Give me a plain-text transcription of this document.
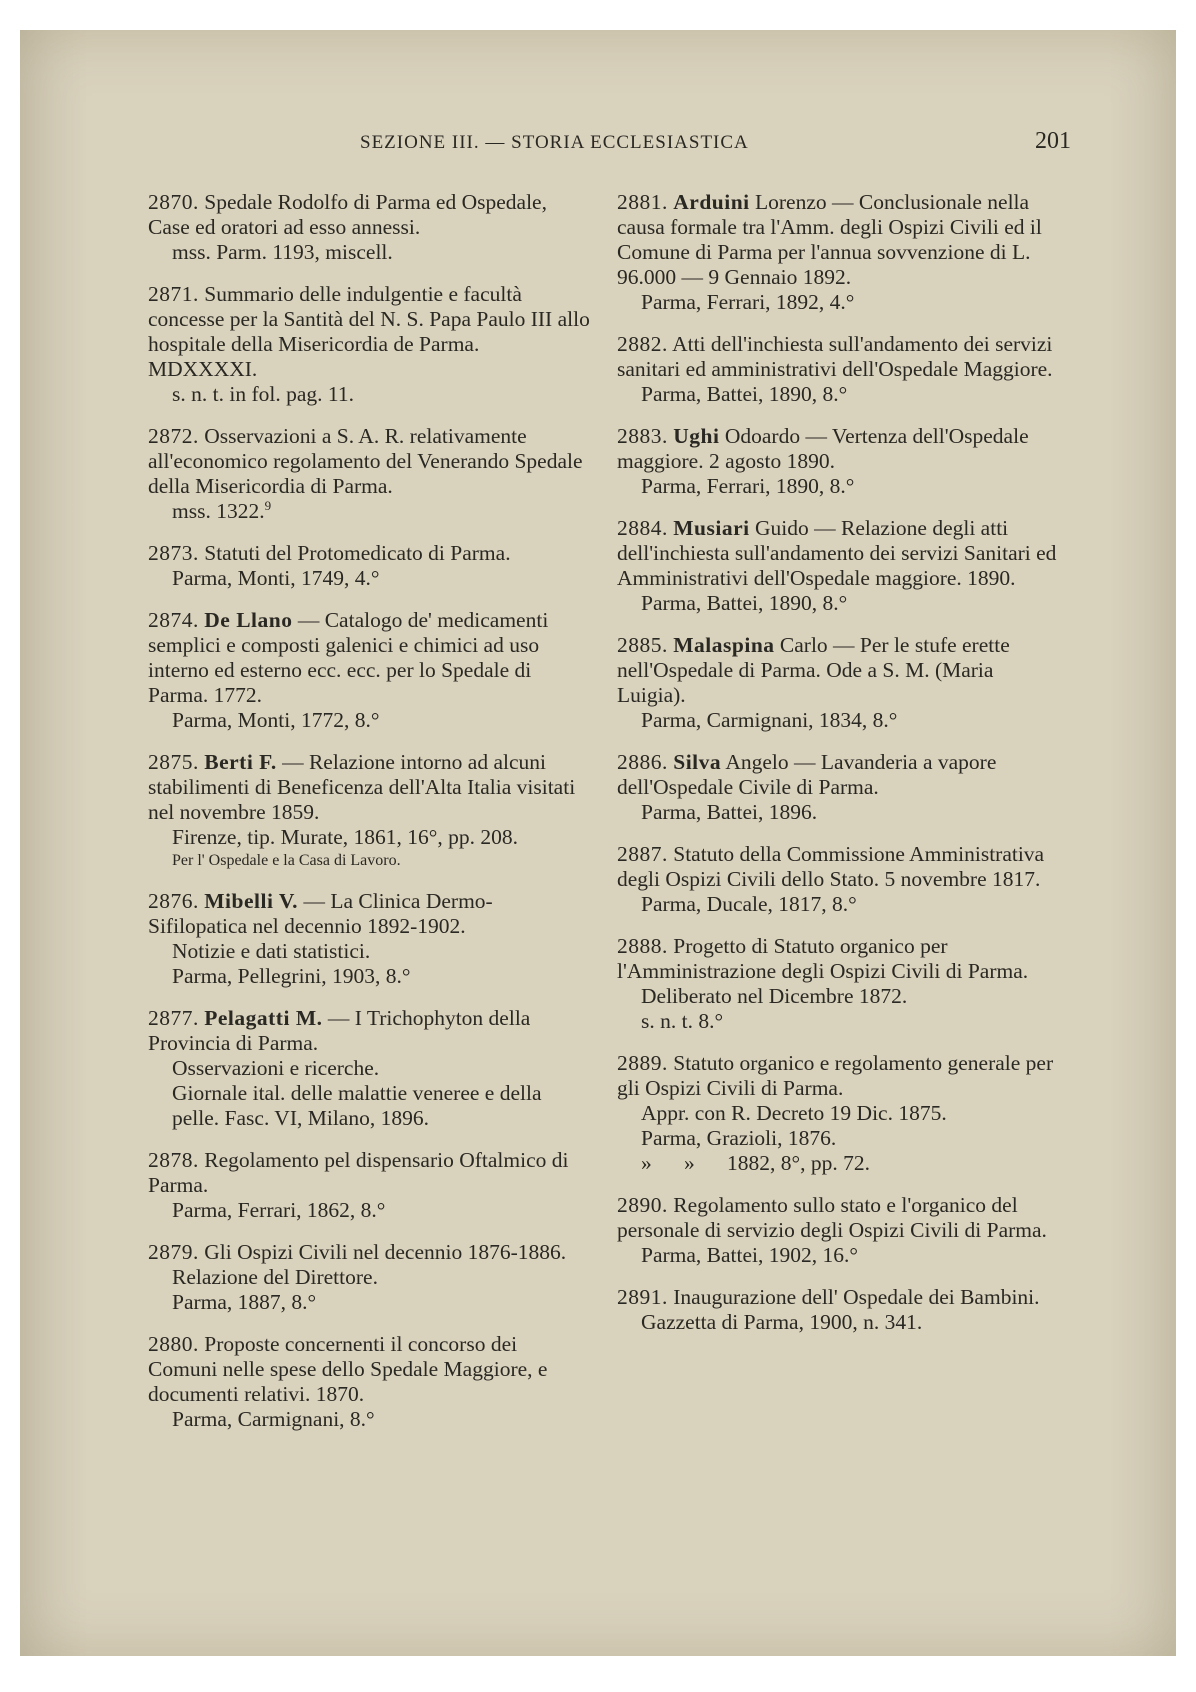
SEZIONE III. — STORIA ECCLESIASTICA	201

2870. Spedale Rodolfo di Parma ed Ospedale, Case ed oratori ad esso annessi.

mss. Parm. 1193, miscell.

2871. Summario delle indulgentie e facultà concesse per la Santità del N. S. Papa Paulo III allo hospitale della Misericordia de Parma. MDXXXXI.

s. n. t. in fol. pag. 11.

2872. Osservazioni a S. A. R. relativamente all'economico regolamento del Venerando Spedale della Misericordia di Parma.

mss. 1322.$^9$

2873. Statuti del Protomedicato di Parma.

Parma, Monti, 1749, 4.°

2874. De Llano — Catalogo de' medicamenti semplici e composti galenici e chimici ad uso interno ed esterno ecc. ecc. per lo Spedale di Parma. 1772.

Parma, Monti, 1772, 8.°

2875. Berti F. — Relazione intorno ad alcuni stabilimenti di Beneficenza dell'Alta Italia visitati nel novembre 1859.

Firenze, tip. Murate, 1861, 16°, pp. 208.

Per l' Ospedale e la Casa di Lavoro.

2876. Mibelli V. — La Clinica Dermo-Sifilopatica nel decennio 1892-1902.

Notizie e dati statistici.

Parma, Pellegrini, 1903, 8.°

2877. Pelagatti M. — I Trichophyton della Provincia di Parma.

Osservazioni e ricerche.

Giornale ital. delle malattie veneree e della pelle. Fasc. VI, Milano, 1896.

2878. Regolamento pel dispensario Oftalmico di Parma.

Parma, Ferrari, 1862, 8.°

2879. Gli Ospizi Civili nel decennio 1876-1886.

Relazione del Direttore.

Parma, 1887, 8.°

2880. Proposte concernenti il concorso dei Comuni nelle spese dello Spedale Maggiore, e documenti relativi. 1870.

Parma, Carmignani, 8.°

2881. Arduini Lorenzo — Conclusionale nella causa formale tra l'Amm. degli Ospizi Civili ed il Comune di Parma per l'annua sovvenzione di L. 96.000 — 9 Gennaio 1892.

Parma, Ferrari, 1892, 4.°

2882. Atti dell'inchiesta sull'andamento dei servizi sanitari ed amministrativi dell'Ospedale Maggiore.

Parma, Battei, 1890, 8.°

2883. Ughi Odoardo — Vertenza dell'Ospedale maggiore. 2 agosto 1890.

Parma, Ferrari, 1890, 8.°

2884. Musiari Guido — Relazione degli atti dell'inchiesta sull'andamento dei servizi Sanitari ed Amministrativi dell'Ospedale maggiore. 1890.

Parma, Battei, 1890, 8.°

2885. Malaspina Carlo — Per le stufe erette nell'Ospedale di Parma. Ode a S. M. (Maria Luigia).

Parma, Carmignani, 1834, 8.°

2886. Silva Angelo — Lavanderia a vapore dell'Ospedale Civile di Parma.

Parma, Battei, 1896.

2887. Statuto della Commissione Amministrativa degli Ospizi Civili dello Stato. 5 novembre 1817.

Parma, Ducale, 1817, 8.°

2888. Progetto di Statuto organico per l'Amministrazione degli Ospizi Civili di Parma.

Deliberato nel Dicembre 1872.

s. n. t. 8.°

2889. Statuto organico e regolamento generale per gli Ospizi Civili di Parma.

Appr. con R. Decreto 19 Dic. 1875.

Parma, Grazioli, 1876.

»      »      1882, 8°, pp. 72.

2890. Regolamento sullo stato e l'organico del personale di servizio degli Ospizi Civili di Parma.

Parma, Battei, 1902, 16.°

2891. Inaugurazione dell' Ospedale dei Bambini.

Gazzetta di Parma, 1900, n. 341.
